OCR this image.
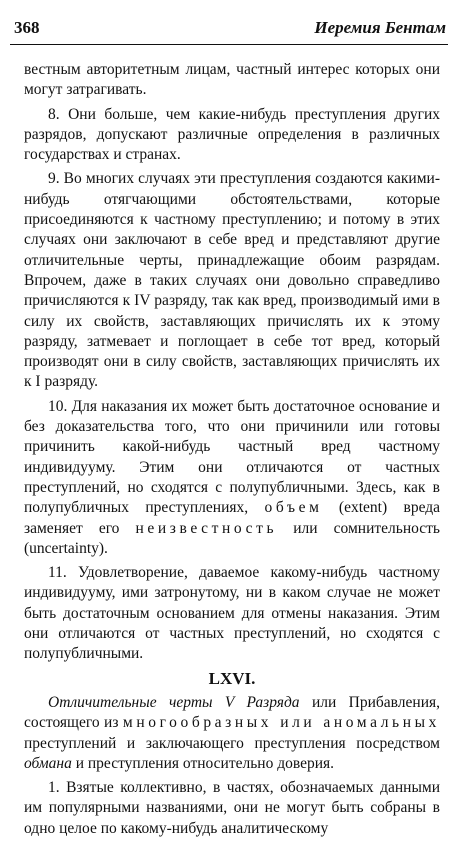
368	Иеремия Бентам

вестным авторитетным лицам, частный интерес которых они могут затрагивать.

8. Они больше, чем какие-нибудь преступления других разрядов, допускают различные определения в различных государствах и странах.

9. Во многих случаях эти преступления создаются какими-нибудь отягчающими обстоятельствами, которые присоединяются к частному преступлению; и потому в этих случаях они заключают в себе вред и представляют другие отличительные черты, принадлежащие обоим разрядам. Впрочем, даже в таких случаях они довольно справедливо причисляются к IV разряду, так как вред, производимый ими в силу их свойств, заставляющих причислять их к этому разряду, затмевает и поглощает в себе тот вред, который производят они в силу свойств, заставляющих причислять их к I разряду.

10. Для наказания их может быть достаточное основание и без доказательства того, что они причинили или готовы причинить какой-нибудь частный вред частному индивидууму. Этим они отличаются от частных преступлений, но сходятся с полупубличными. Здесь, как в полупубличных преступлениях, объем (extent) вреда заменяет его неизвестность или сомнительность (uncertainty).

11. Удовлетворение, даваемое какому-нибудь частному индивидууму, ими затронутому, ни в каком случае не может быть достаточным основанием для отмены наказания. Этим они отличаются от частных преступлений, но сходятся с полупубличными.

LXVI.

Отличительные черты V Разряда или Прибавления, состоящего из многообразных или аномальных преступлений и заключающего преступления посредством обмана и преступления относительно доверия.

1. Взятые коллективно, в частях, обозначаемых данными им популярными названиями, они не могут быть собраны в одно целое по какому-нибудь аналитическому
